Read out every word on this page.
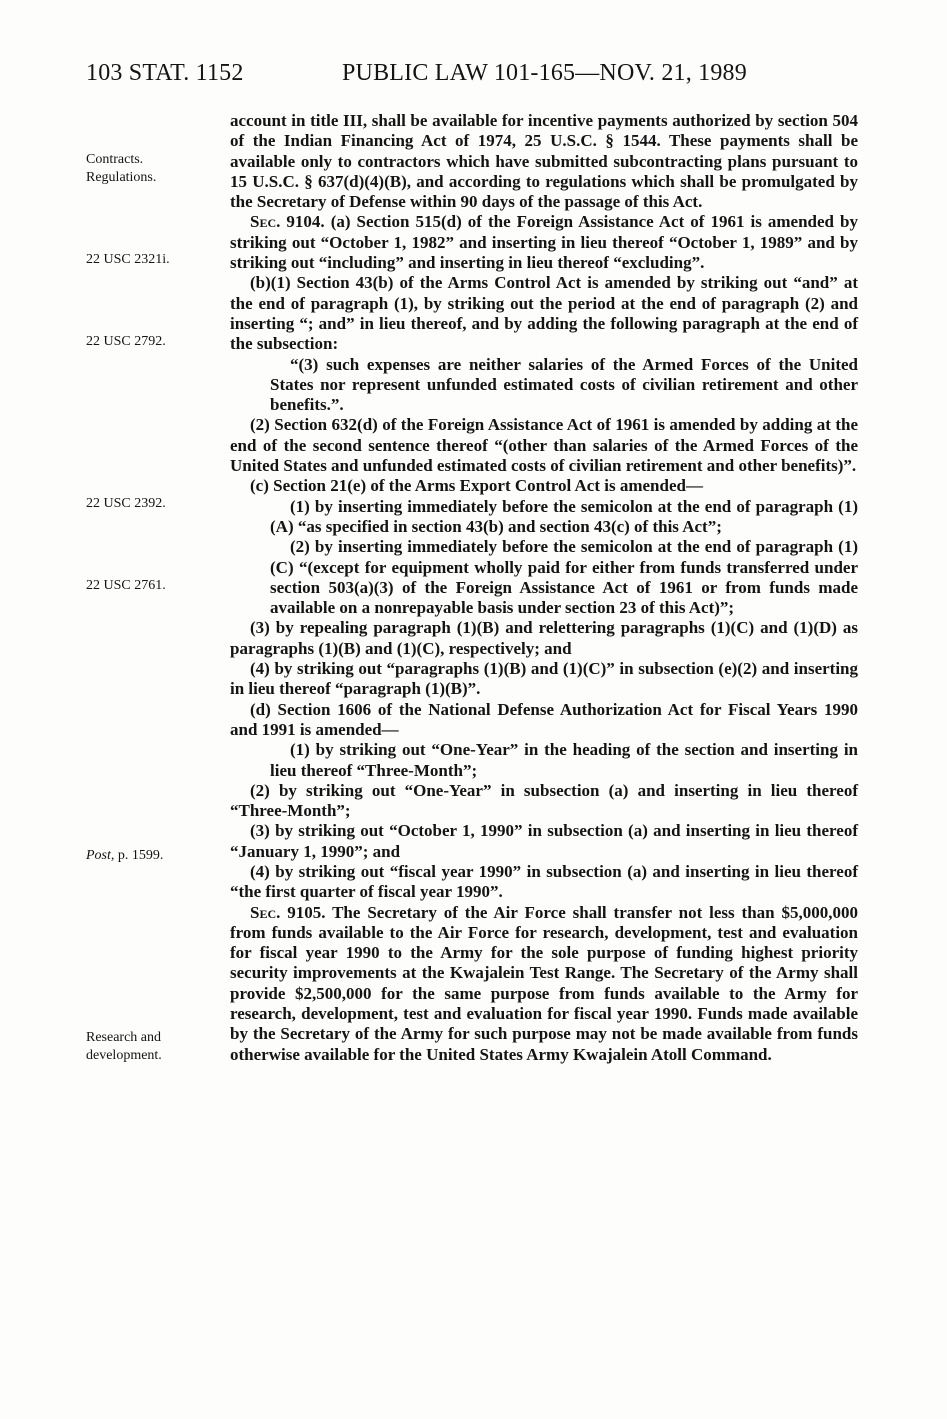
103 STAT. 1152	PUBLIC LAW 101-165—NOV. 21, 1989
Contracts.
Regulations.
22 USC 2321i.
22 USC 2792.
22 USC 2392.
22 USC 2761.
Post, p. 1599.
Research and
development.

account in title III, shall be available for incentive payments authorized by section 504 of the Indian Financing Act of 1974, 25 U.S.C. § 1544. These payments shall be available only to contractors which have submitted subcontracting plans pursuant to 15 U.S.C. § 637(d)(4)(B), and according to regulations which shall be promulgated by the Secretary of Defense within 90 days of the passage of this Act.

Sec. 9104. (a) Section 515(d) of the Foreign Assistance Act of 1961 is amended by striking out “October 1, 1982” and inserting in lieu thereof “October 1, 1989” and by striking out “including” and inserting in lieu thereof “excluding”.

(b)(1) Section 43(b) of the Arms Control Act is amended by striking out “and” at the end of paragraph (1), by striking out the period at the end of paragraph (2) and inserting “; and” in lieu thereof, and by adding the following paragraph at the end of the subsection:

“(3) such expenses are neither salaries of the Armed Forces of the United States nor represent unfunded estimated costs of civilian retirement and other benefits.”.

(2) Section 632(d) of the Foreign Assistance Act of 1961 is amended by adding at the end of the second sentence thereof “(other than salaries of the Armed Forces of the United States and unfunded estimated costs of civilian retirement and other benefits)”.

(c) Section 21(e) of the Arms Export Control Act is amended—

(1) by inserting immediately before the semicolon at the end of paragraph (1)(A) “as specified in section 43(b) and section 43(c) of this Act”;

(2) by inserting immediately before the semicolon at the end of paragraph (1)(C) “(except for equipment wholly paid for either from funds transferred under section 503(a)(3) of the Foreign Assistance Act of 1961 or from funds made available on a nonrepayable basis under section 23 of this Act)”;

(3) by repealing paragraph (1)(B) and relettering paragraphs (1)(C) and (1)(D) as paragraphs (1)(B) and (1)(C), respectively; and

(4) by striking out “paragraphs (1)(B) and (1)(C)” in subsection (e)(2) and inserting in lieu thereof “paragraph (1)(B)”.

(d) Section 1606 of the National Defense Authorization Act for Fiscal Years 1990 and 1991 is amended—

(1) by striking out “One-Year” in the heading of the section and inserting in lieu thereof “Three-Month”;

(2) by striking out “One-Year” in subsection (a) and inserting in lieu thereof “Three-Month”;

(3) by striking out “October 1, 1990” in subsection (a) and inserting in lieu thereof “January 1, 1990”; and

(4) by striking out “fiscal year 1990” in subsection (a) and inserting in lieu thereof “the first quarter of fiscal year 1990”.

Sec. 9105. The Secretary of the Air Force shall transfer not less than $5,000,000 from funds available to the Air Force for research, development, test and evaluation for fiscal year 1990 to the Army for the sole purpose of funding highest priority security improvements at the Kwajalein Test Range. The Secretary of the Army shall provide $2,500,000 for the same purpose from funds available to the Army for research, development, test and evaluation for fiscal year 1990. Funds made available by the Secretary of the Army for such purpose may not be made available from funds otherwise available for the United States Army Kwajalein Atoll Command.
